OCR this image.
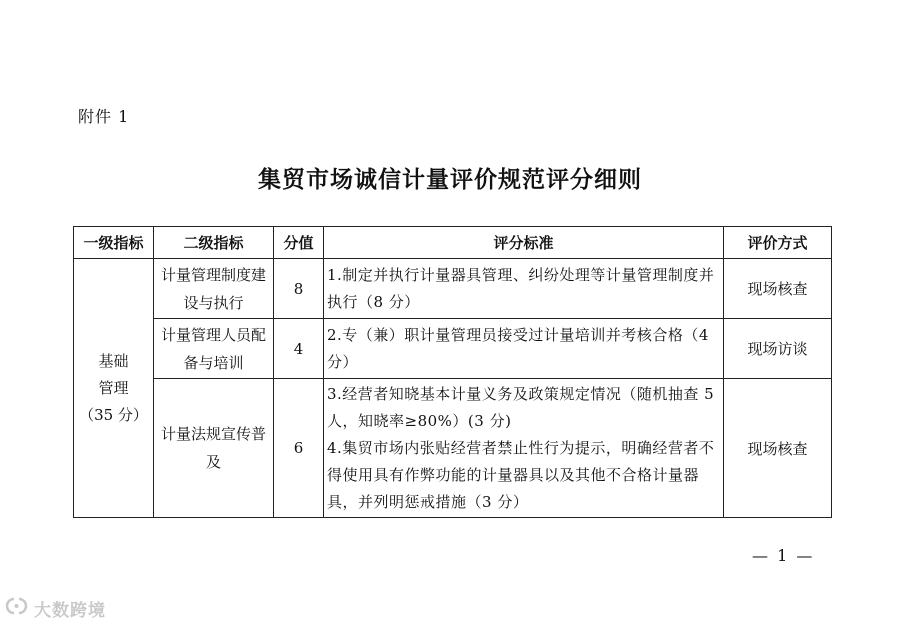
附件 1
集贸市场诚信计量评价规范评分细则
一级指标	二级指标	分值	评分标准	评价方式

基础
管理
（35 分）	计量管理制度建设与执行	8	1.制定并执行计量器具管理、纠纷处理等计量管理制度并执行（8 分）	现场核查
	计量管理人员配备与培训	4	2.专（兼）职计量管理员接受过计量培训并考核合格（4 分）	现场访谈
	计量法规宣传普及	6	3.经营者知晓基本计量义务及政策规定情况（随机抽查 5 人，知晓率≥80%）(3 分)
4.集贸市场内张贴经营者禁止性行为提示，明确经营者不得使用具有作弊功能的计量器具以及其他不合格计量器具，并列明惩戒措施（3 分）	现场核查
— 1 —
大数跨境
